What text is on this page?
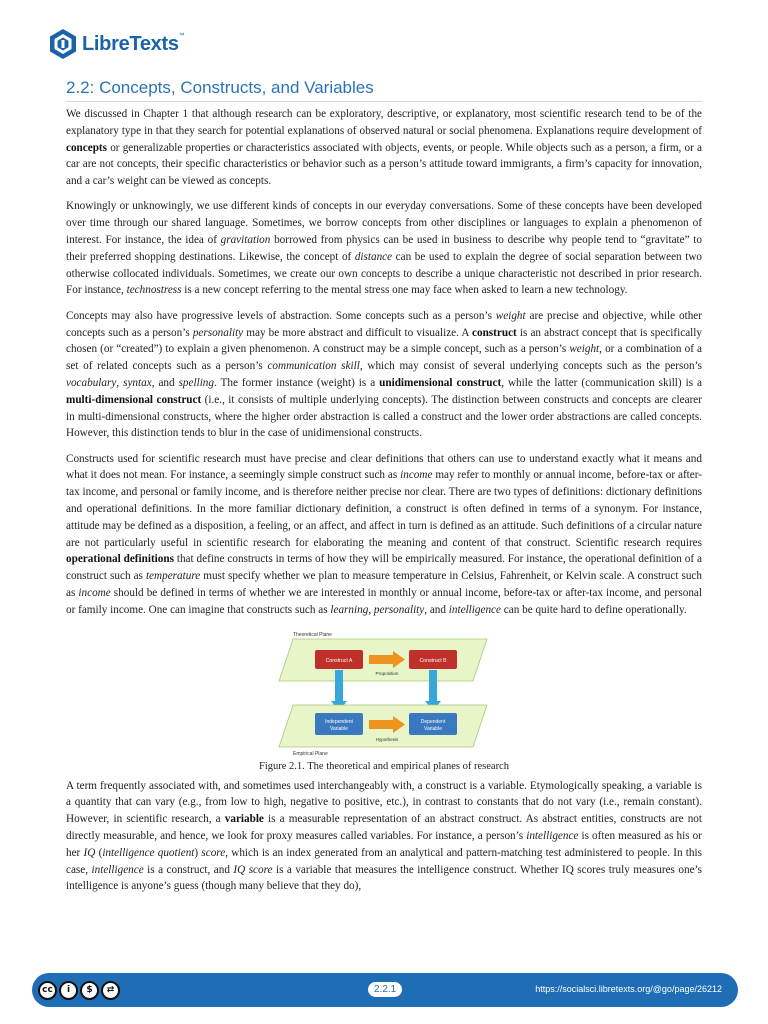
LibreTexts™
2.2: Concepts, Constructs, and Variables

We discussed in Chapter 1 that although research can be exploratory, descriptive, or explanatory, most scientific research tend to be of the explanatory type in that they search for potential explanations of observed natural or social phenomena. Explanations require development of concepts or generalizable properties or characteristics associated with objects, events, or people. While objects such as a person, a firm, or a car are not concepts, their specific characteristics or behavior such as a person’s attitude toward immigrants, a firm’s capacity for innovation, and a car’s weight can be viewed as concepts.

Knowingly or unknowingly, we use different kinds of concepts in our everyday conversations. Some of these concepts have been developed over time through our shared language. Sometimes, we borrow concepts from other disciplines or languages to explain a phenomenon of interest. For instance, the idea of gravitation borrowed from physics can be used in business to describe why people tend to “gravitate” to their preferred shopping destinations. Likewise, the concept of distance can be used to explain the degree of social separation between two otherwise collocated individuals. Sometimes, we create our own concepts to describe a unique characteristic not described in prior research. For instance, technostress is a new concept referring to the mental stress one may face when asked to learn a new technology.

Concepts may also have progressive levels of abstraction. Some concepts such as a person’s weight are precise and objective, while other concepts such as a person’s personality may be more abstract and difficult to visualize. A construct is an abstract concept that is specifically chosen (or “created”) to explain a given phenomenon. A construct may be a simple concept, such as a person’s weight, or a combination of a set of related concepts such as a person’s communication skill, which may consist of several underlying concepts such as the person’s vocabulary, syntax, and spelling. The former instance (weight) is a unidimensional construct, while the latter (communication skill) is a multi-dimensional construct (i.e., it consists of multiple underlying concepts). The distinction between constructs and concepts are clearer in multi-dimensional constructs, where the higher order abstraction is called a construct and the lower order abstractions are called concepts. However, this distinction tends to blur in the case of unidimensional constructs.

Constructs used for scientific research must have precise and clear definitions that others can use to understand exactly what it means and what it does not mean. For instance, a seemingly simple construct such as income may refer to monthly or annual income, before-tax or after-tax income, and personal or family income, and is therefore neither precise nor clear. There are two types of definitions: dictionary definitions and operational definitions. In the more familiar dictionary definition, a construct is often defined in terms of a synonym. For instance, attitude may be defined as a disposition, a feeling, or an affect, and affect in turn is defined as an attitude. Such definitions of a circular nature are not particularly useful in scientific research for elaborating the meaning and content of that construct. Scientific research requires operational definitions that define constructs in terms of how they will be empirically measured. For instance, the operational definition of a construct such as temperature must specify whether we plan to measure temperature in Celsius, Fahrenheit, or Kelvin scale. A construct such as income should be defined in terms of whether we are interested in monthly or annual income, before-tax or after-tax income, and personal or family income. One can imagine that constructs such as learning, personality, and intelligence can be quite hard to define operationally.

Theoretical Plane
Construct A	Construct B
Proposition
Independent
Variable
Dependent
Variable
Hypothesis
Empirical Plane
Figure 2.1. The theoretical and empirical planes of research

A term frequently associated with, and sometimes used interchangeably with, a construct is a variable. Etymologically speaking, a variable is a quantity that can vary (e.g., from low to high, negative to positive, etc.), in contrast to constants that do not vary (i.e., remain constant). However, in scientific research, a variable is a measurable representation of an abstract construct. As abstract entities, constructs are not directly measurable, and hence, we look for proxy measures called variables. For instance, a person’s intelligence is often measured as his or her IQ (intelligence quotient) score, which is an index generated from an analytical and pattern-matching test administered to people. In this case, intelligence is a construct, and IQ score is a variable that measures the intelligence construct. Whether IQ scores truly measures one’s intelligence is anyone’s guess (though many believe that they do),

cc	i	$	⇄	2.2.1	https://socialsci.libretexts.org/@go/page/26212
